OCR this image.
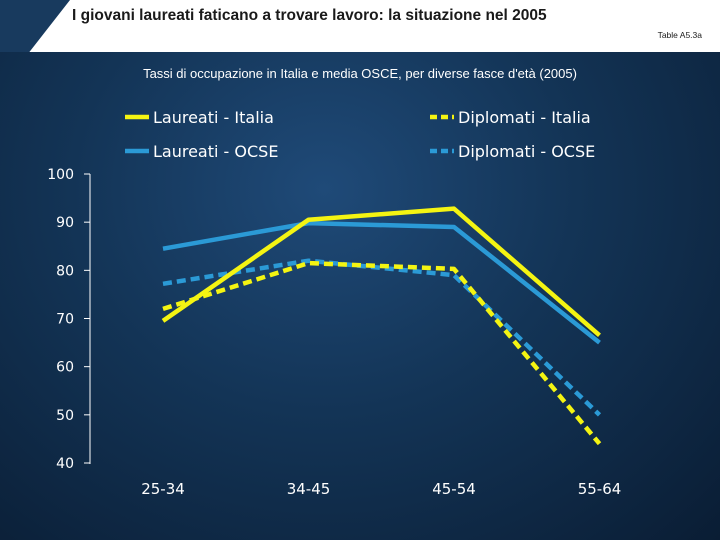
I giovani laureati faticano a trovare lavoro: la situazione nel 2005
Table A5.3a
Tassi di occupazione in Italia e media OSCE, per diverse fasce d'età (2005)
Laureati - Italia	Diplomati - Italia
Laureati - OCSE	Diplomati - OCSE
100
90
80
70
60
50
40
25-34	34-45	45-54	55-64
